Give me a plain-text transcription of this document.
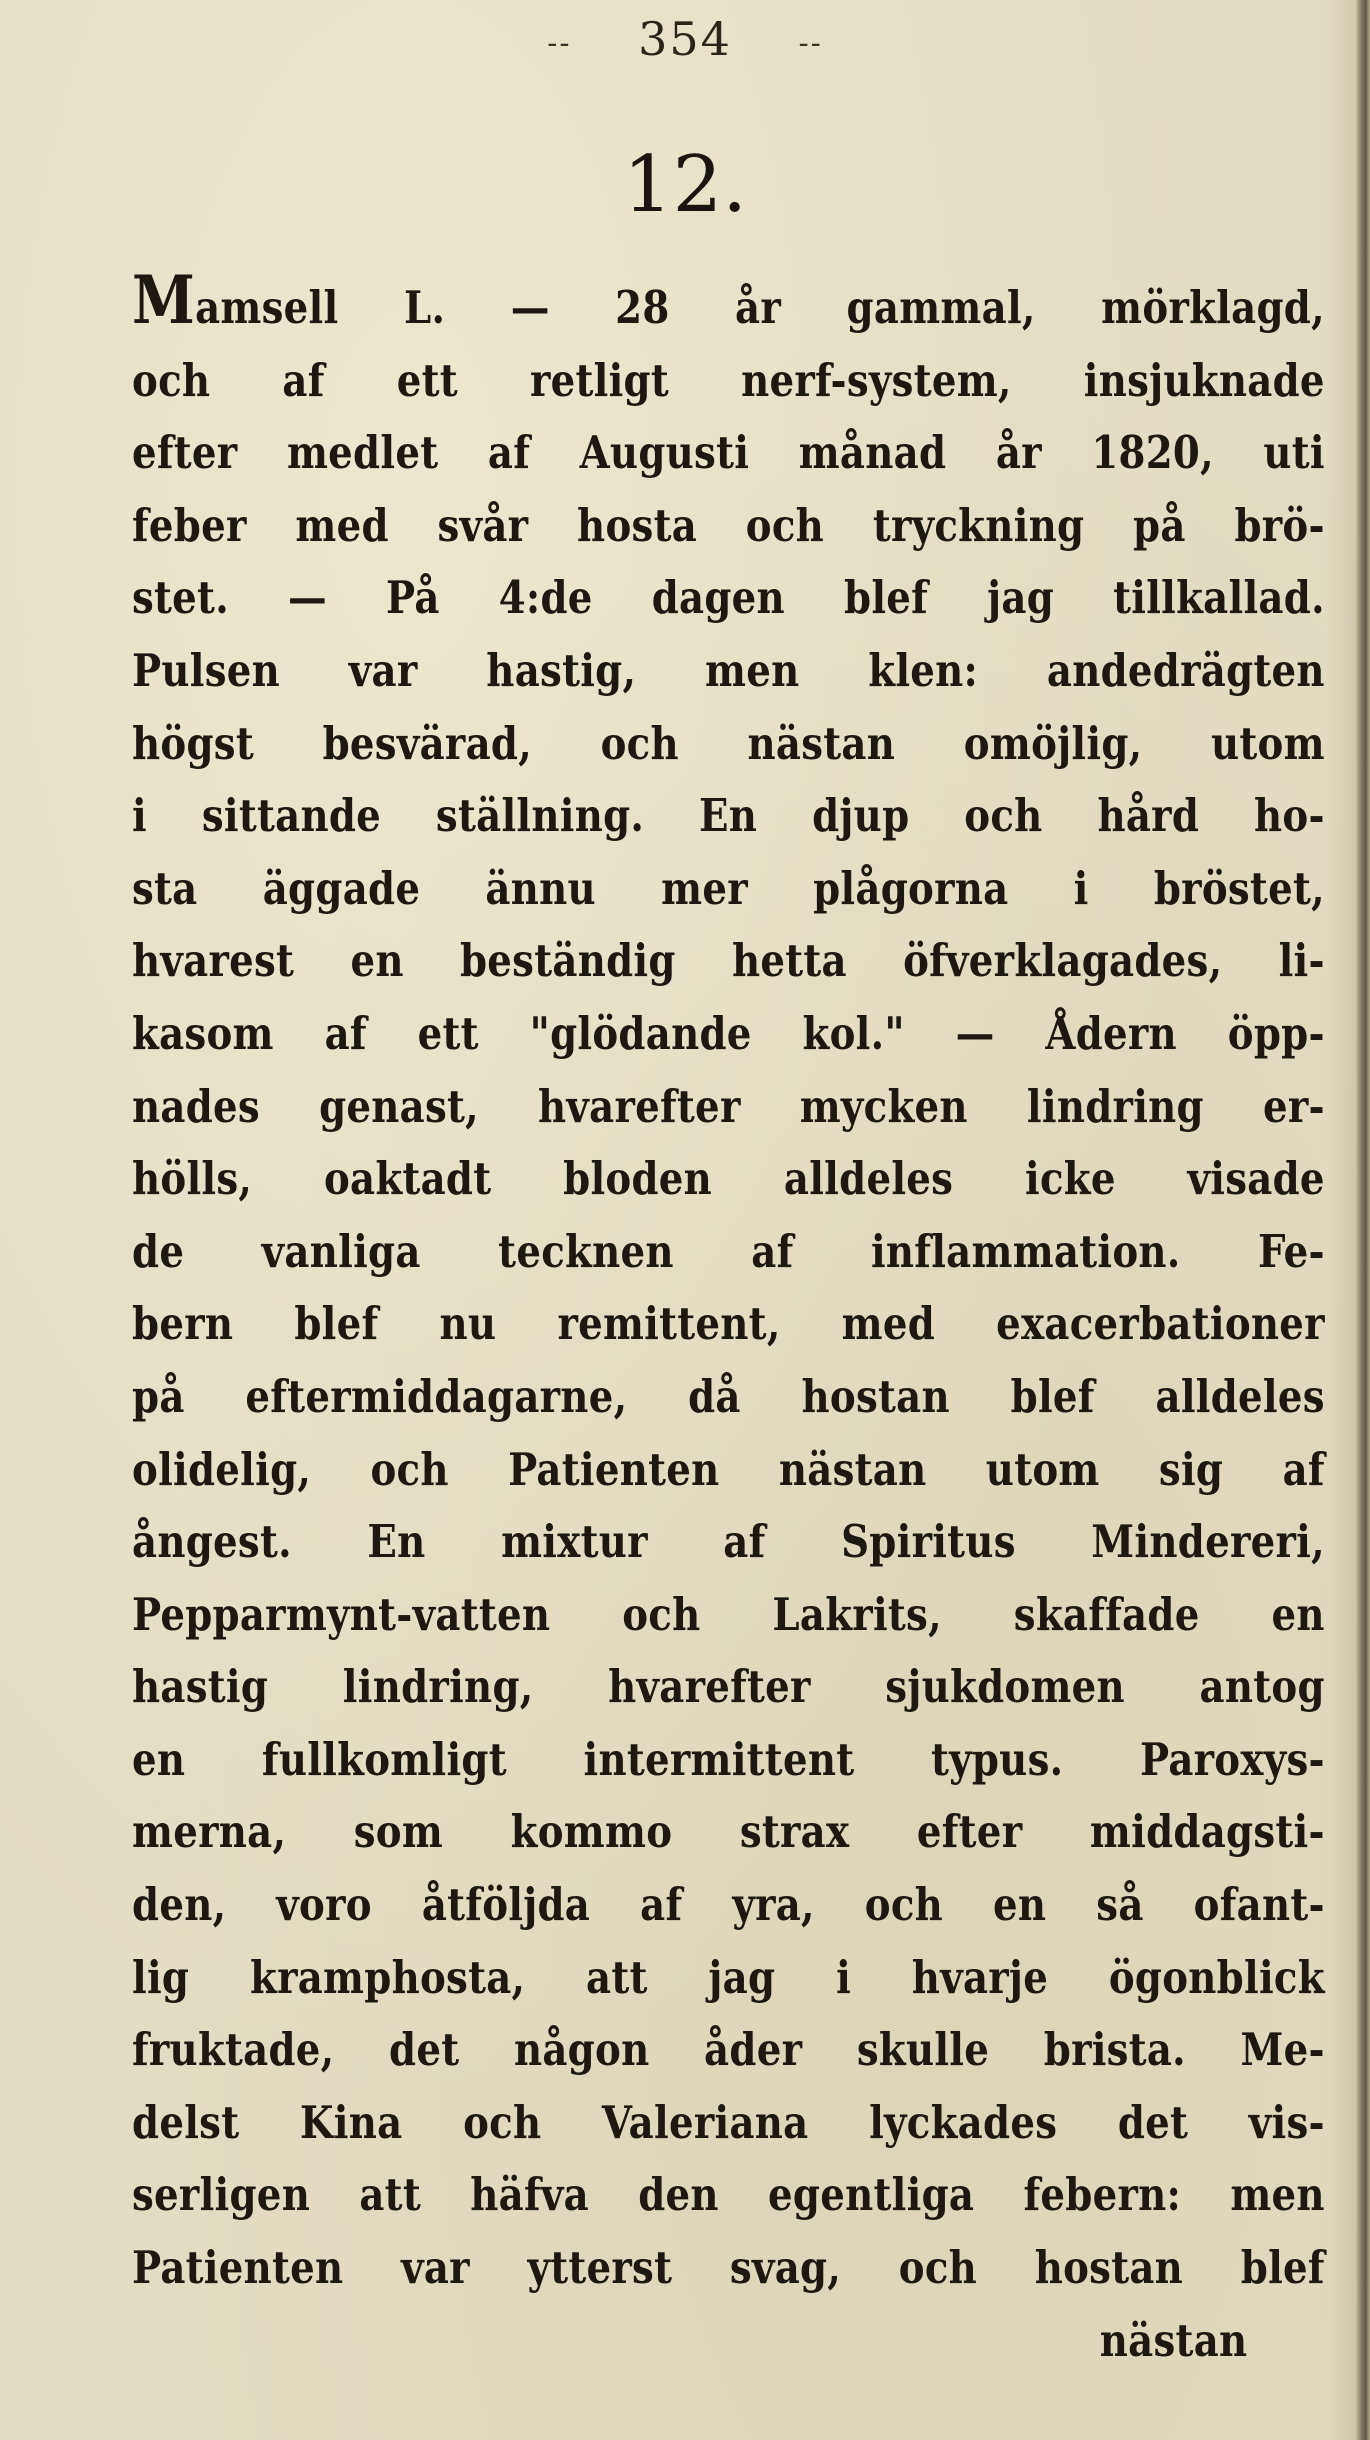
-- 354 --
12.
Mamsell L. — 28 år gammal, mörklagd,
och af ett retligt nerf-system, insjuknade
efter medlet af Augusti månad år 1820, uti
feber med svår hosta och tryckning på brö-
stet. — På 4:de dagen blef jag tillkallad.
Pulsen var hastig, men klen: andedrägten
högst besvärad, och nästan omöjlig, utom
i sittande ställning. En djup och hård ho-
sta äggade ännu mer plågorna i bröstet,
hvarest en beständig hetta öfverklagades, li-
kasom af ett "glödande kol." — Ådern öpp-
nades genast, hvarefter mycken lindring er-
hölls, oaktadt bloden alldeles icke visade
de vanliga tecknen af inflammation. Fe-
bern blef nu remittent, med exacerbationer
på eftermiddagarne, då hostan blef alldeles
olidelig, och Patienten nästan utom sig af
ångest. En mixtur af Spiritus Mindereri,
Pepparmynt-vatten och Lakrits, skaffade en
hastig lindring, hvarefter sjukdomen antog
en fullkomligt intermittent typus. Paroxys-
merna, som kommo strax efter middagsti-
den, voro åtföljda af yra, och en så ofant-
lig kramphosta, att jag i hvarje ögonblick
fruktade, det någon åder skulle brista. Me-
delst Kina och Valeriana lyckades det vis-
serligen att häfva den egentliga febern: men
Patienten var ytterst svag, och hostan blef
nästan
